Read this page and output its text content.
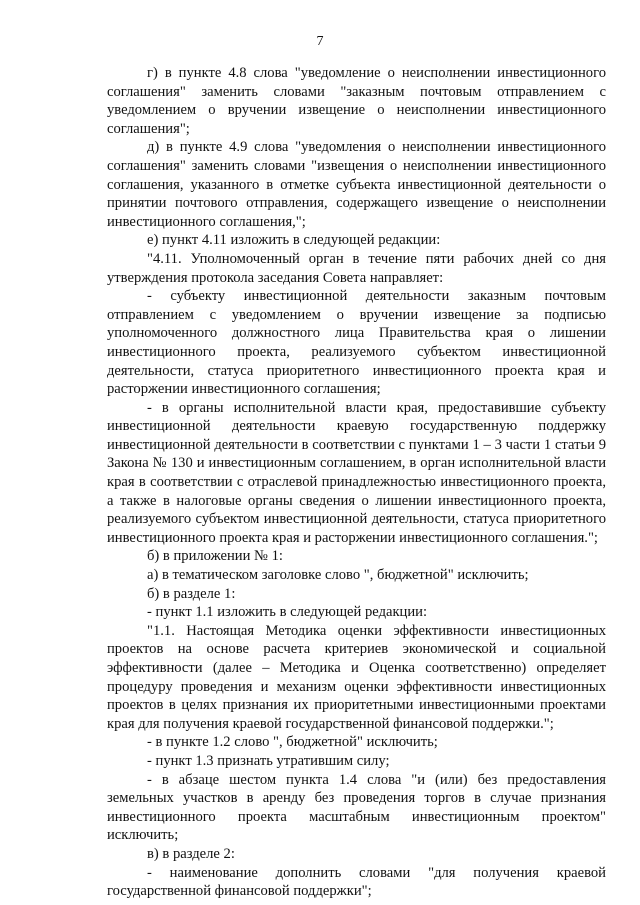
7

г) в пункте 4.8 слова "уведомление о неисполнении инвестиционного соглашения" заменить словами "заказным почтовым отправлением с уведомлением о вручении извещение о неисполнении инвестиционного соглашения";

д) в пункте 4.9 слова "уведомления о неисполнении инвестиционного соглашения" заменить словами "извещения о неисполнении инвестиционного соглашения, указанного в отметке субъекта инвестиционной деятельности о принятии почтового отправления, содержащего извещение о неисполнении инвестиционного соглашения,";

е) пункт 4.11 изложить в следующей редакции:

"4.11. Уполномоченный орган в течение пяти рабочих дней со дня утверждения протокола заседания Совета направляет:

- субъекту инвестиционной деятельности заказным почтовым отправлением с уведомлением о вручении извещение за подписью уполномоченного должностного лица Правительства края о лишении инвестиционного проекта, реализуемого субъектом инвестиционной деятельности, статуса приоритетного инвестиционного проекта края и расторжении инвестиционного соглашения;

- в органы исполнительной власти края, предоставившие субъекту инвестиционной деятельности краевую государственную поддержку инвестиционной деятельности в соответствии с пунктами 1 – 3 части 1 статьи 9 Закона № 130 и инвестиционным соглашением, в орган исполнительной власти края в соответствии с отраслевой принадлежностью инвестиционного проекта, а также в налоговые органы сведения о лишении инвестиционного проекта, реализуемого субъектом инвестиционной деятельности, статуса приоритетного инвестиционного проекта края и расторжении инвестиционного соглашения.";

б) в приложении № 1:

а) в тематическом заголовке слово ", бюджетной" исключить;

б) в разделе 1:

- пункт 1.1 изложить в следующей редакции:

"1.1. Настоящая Методика оценки эффективности инвестиционных проектов на основе расчета критериев экономической и социальной эффективности (далее – Методика и Оценка соответственно) определяет процедуру проведения и механизм оценки эффективности инвестиционных проектов в целях признания их приоритетными инвестиционными проектами края для получения краевой государственной финансовой поддержки.";

- в пункте 1.2 слово ", бюджетной" исключить;

- пункт 1.3 признать утратившим силу;

- в абзаце шестом пункта 1.4 слова "и (или) без предоставления земельных участков в аренду без проведения торгов в случае признания инвестиционного проекта масштабным инвестиционным проектом" исключить;

в) в разделе 2:

- наименование дополнить словами "для получения краевой государственной финансовой поддержки";
